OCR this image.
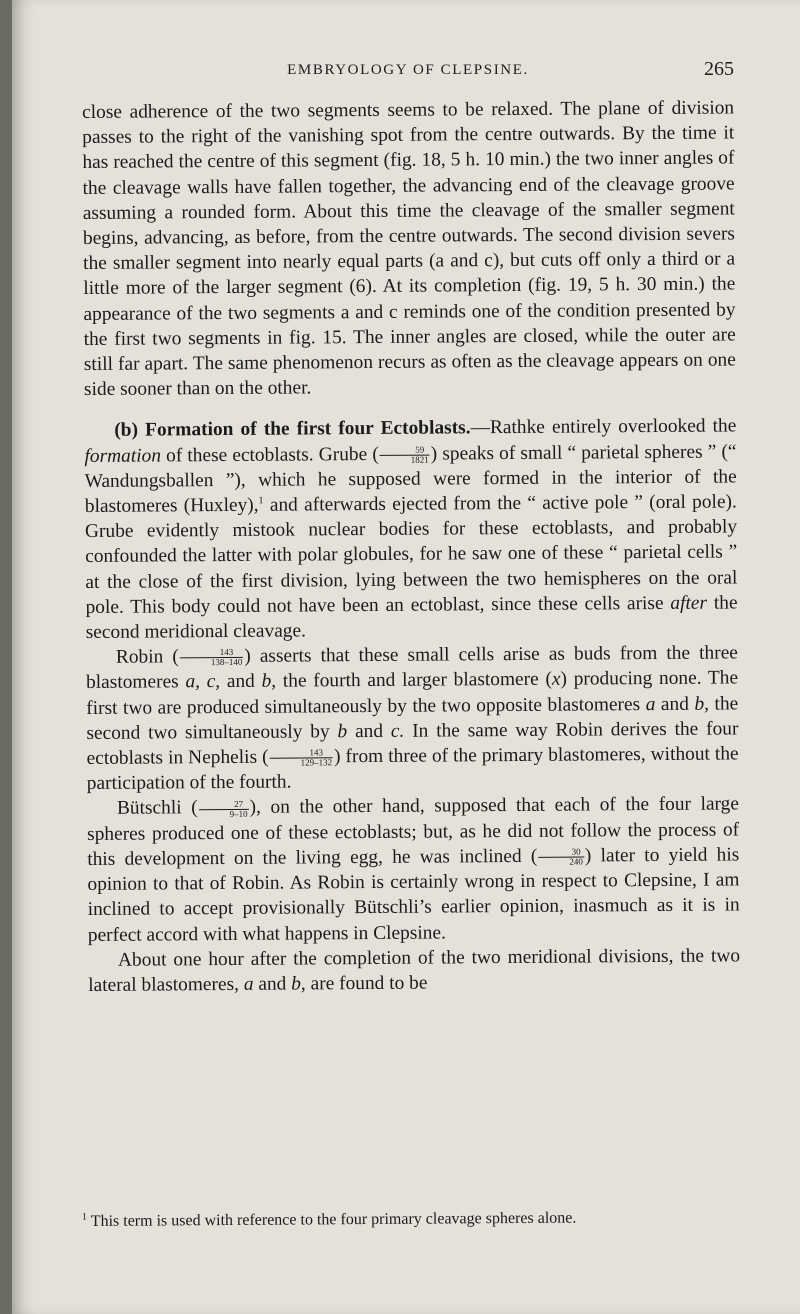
EMBRYOLOGY OF CLEPSINE.	265

close adherence of the two segments seems to be relaxed. The plane of division passes to the right of the vanishing spot from the centre outwards. By the time it has reached the centre of this segment (fig. 18, 5 h. 10 min.) the two inner angles of the cleavage walls have fallen together, the advancing end of the cleavage groove assuming a rounded form. About this time the cleavage of the smaller segment begins, advancing, as before, from the centre outwards. The second division severs the smaller segment into nearly equal parts (a and c), but cuts off only a third or a little more of the larger segment (6). At its completion (fig. 19, 5 h. 30 min.) the appearance of the two segments a and c reminds one of the condition presented by the first two segments in fig. 15. The inner angles are closed, while the outer are still far apart. The same phenomenon recurs as often as the cleavage appears on one side sooner than on the other.

(b) Formation of the first four Ectoblasts.—Rathke entirely overlooked the formation of these ectoblasts. Grube ( $\frac{59}{1821}$ ) speaks of small “ parietal spheres ” (“ Wandungsballen ”), which he supposed were formed in the interior of the blastomeres (Huxley),$^1$ and afterwards ejected from the “ active pole ” (oral pole). Grube evidently mistook nuclear bodies for these ectoblasts, and probably confounded the latter with polar globules, for he saw one of these “ parietal cells ” at the close of the first division, lying between the two hemispheres on the oral pole. This body could not have been an ectoblast, since these cells arise after the second meridional cleavage.

Robin ( $\frac{143}{138-140}$ ) asserts that these small cells arise as buds from the three blastomeres a, c, and b, the fourth and larger blastomere (x) producing none. The first two are produced simultaneously by the two opposite blastomeres a and b, the second two simultaneously by b and c. In the same way Robin derives the four ectoblasts in Nephelis ( $\frac{143}{129-132}$ ) from three of the primary blastomeres, without the participation of the fourth.

Bütschli ( $\frac{27}{9-10}$ ), on the other hand, supposed that each of the four large spheres produced one of these ectoblasts; but, as he did not follow the process of this development on the living egg, he was inclined ( $\frac{30}{240}$ ) later to yield his opinion to that of Robin. As Robin is certainly wrong in respect to Clepsine, I am inclined to accept provisionally Bütschli’s earlier opinion, inasmuch as it is in perfect accord with what happens in Clepsine.

About one hour after the completion of the two meridional divisions, the two lateral blastomeres, a and b, are found to be

$^1$ This term is used with reference to the four primary cleavage spheres alone.
